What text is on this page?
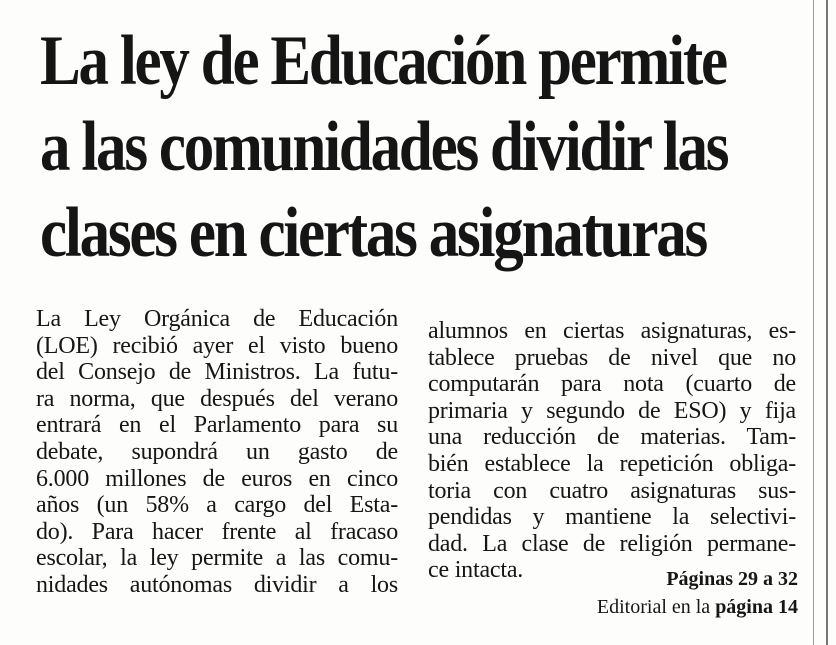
La ley de Educación permite
a las comunidades dividir las
clases en ciertas asignaturas
La Ley Orgánica de Educación
(LOE) recibió ayer el visto bueno
del Consejo de Ministros. La futu-
ra norma, que después del verano
entrará en el Parlamento para su
debate, supondrá un gasto de
6.000 millones de euros en cinco
años (un 58% a cargo del Esta-
do). Para hacer frente al fracaso
escolar, la ley permite a las comu-
nidades autónomas dividir a los
alumnos en ciertas asignaturas, es-
tablece pruebas de nivel que no
computarán para nota (cuarto de
primaria y segundo de ESO) y fija
una reducción de materias. Tam-
bién establece la repetición obliga-
toria con cuatro asignaturas sus-
pendidas y mantiene la selectivi-
dad. La clase de religión permane-
ce intacta.	Páginas 29 a 32
Editorial en la página 14
